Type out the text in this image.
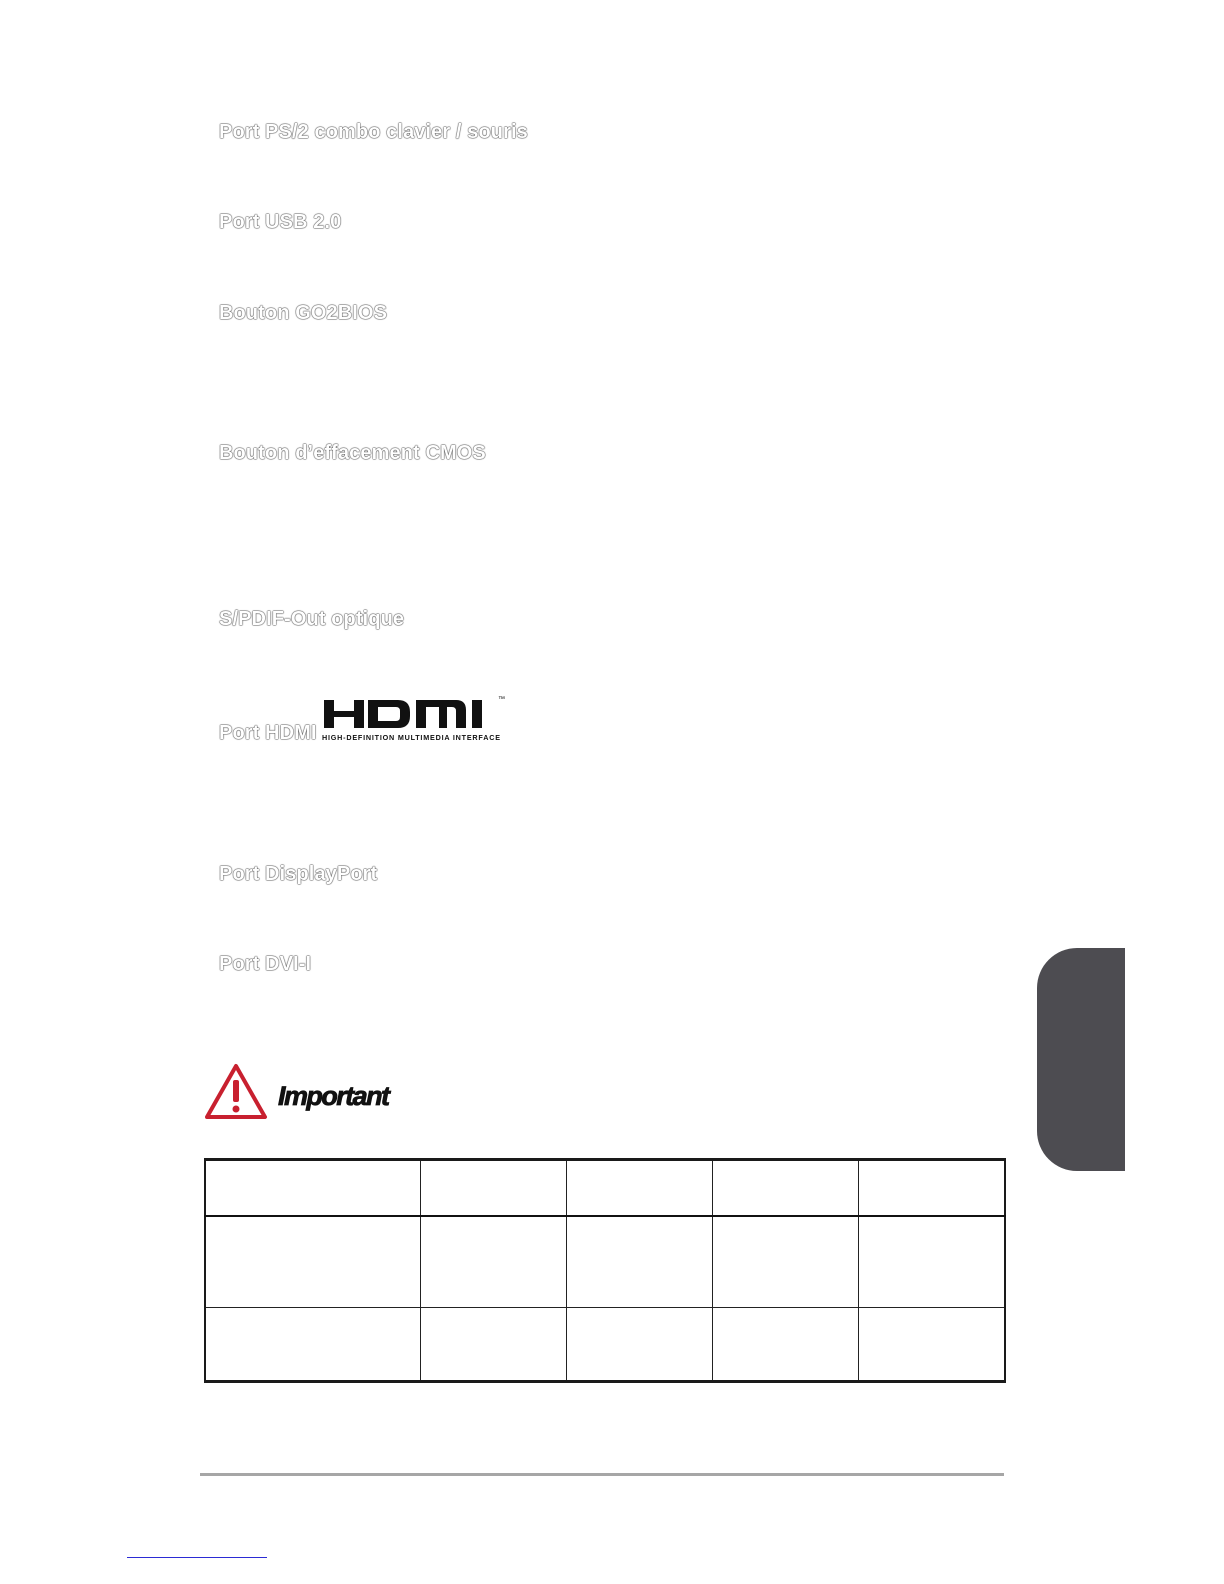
Port PS/2 combo clavier / souris
Port USB 2.0
Bouton GO2BIOS
Bouton d’effacement CMOS
S/PDIF-Out optique
Port HDMI
™
HIGH-DEFINITION MULTIMEDIA INTERFACE
Port DisplayPort
Port DVI-I
Important
